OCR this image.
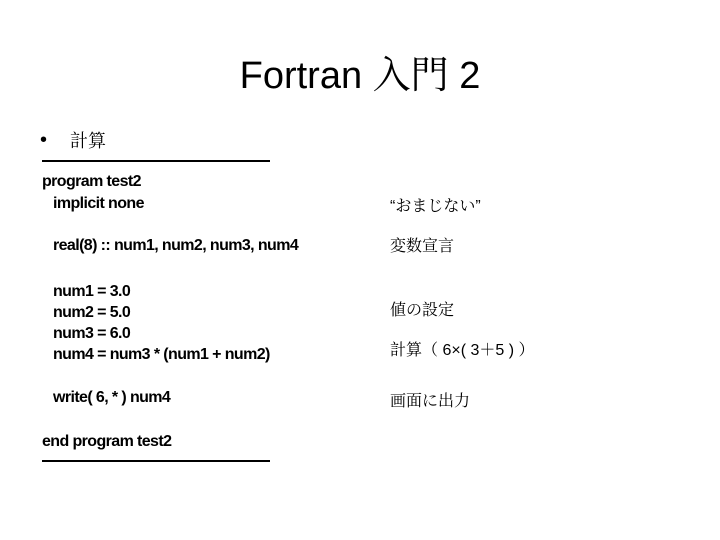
Fortran 入門 2
•	計算
program test2
implicit none
real(8) :: num1, num2, num3, num4
num1 = 3.0
num2 = 5.0
num3 = 6.0
num4 = num3 * (num1 + num2)
write( 6, * ) num4
end program test2
“おまじない”
変数宣言
値の設定
計算（ 6×( 3＋5 ) ）
画面に出力
